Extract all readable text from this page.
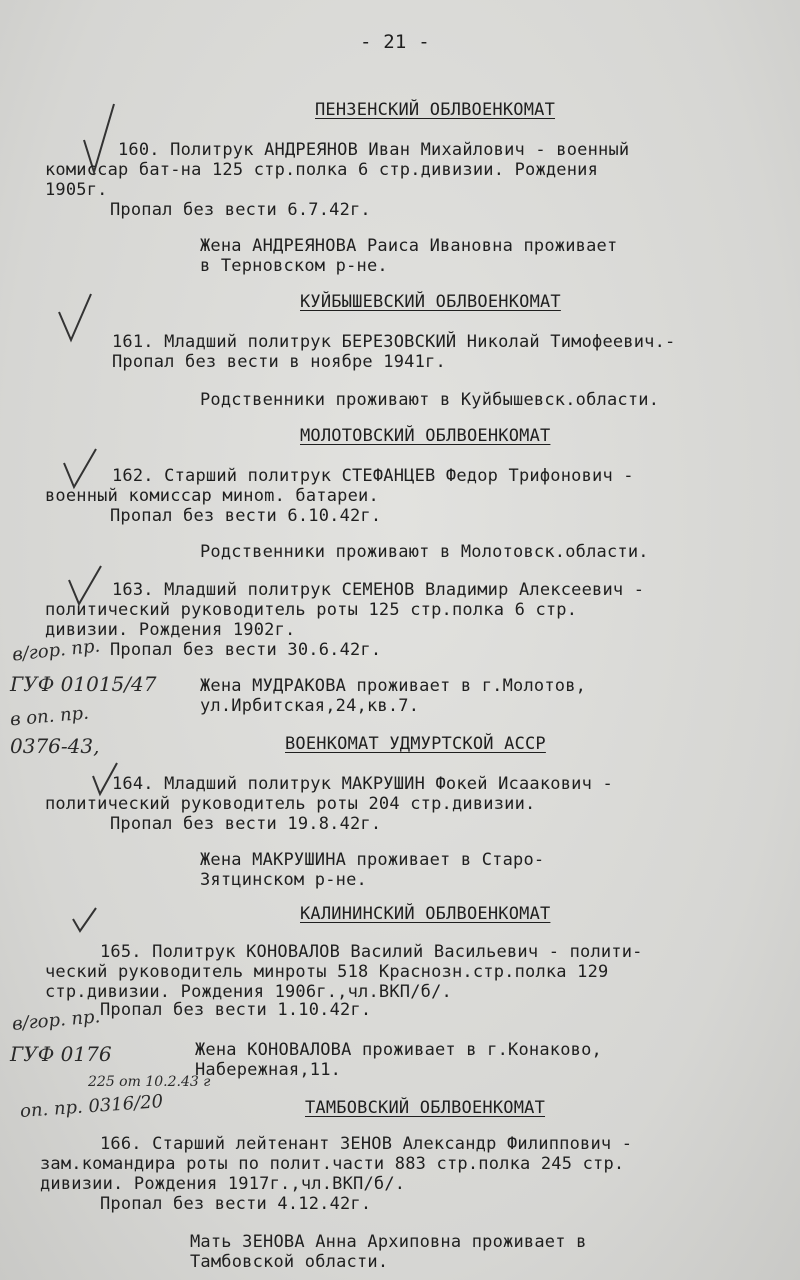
- 21 -
ПЕНЗЕНСКИЙ ОБЛВОЕНКОМАТ
160. Политрук АНДРЕЯНОВ Иван Михайлович - военный
комиссар бат-на 125 стр.полка 6 стр.дивизии. Рождения
1905г.
Пропал без вести 6.7.42г.
Жена АНДРЕЯНОВА Раиса Ивановна проживает
в Терновском р-не.
КУЙБЫШЕВСКИЙ ОБЛВОЕНКОМАТ
161. Младший политрук БЕРЕЗОВСКИЙ Николай Тимофеевич.-
Пропал без вести в ноябре 1941г.
Родственники проживают в Куйбышевск.области.
МОЛОТОВСКИЙ ОБЛВОЕНКОМАТ
162. Старший политрук СТЕФАНЦЕВ Федор Трифонович -
военный комиссар миноm. батареи.
Пропал без вести 6.10.42г.
Родственники проживают в Молотовск.области.
163. Младший политрук СЕМЕНОВ Владимир Алексеевич -
политический руководитель роты 125 стр.полка 6 стр.
дивизии. Рождения 1902г.
Пропал без вести 30.6.42г.
Жена МУДРАКОВА проживает в г.Молотов,
ул.Ирбитская,24,кв.7.
в/гор. пр.
ГУФ 01015/47
в оп. пр.
0376-43,	ВОЕНКОМАТ УДМУРТСКОЙ АССР
164. Младший политрук МАКРУШИН Фокей Исаакович -
политический руководитель роты 204 стр.дивизии.
Пропал без вести 19.8.42г.
Жена МАКРУШИНА проживает в Старо-
Зятцинском р-не.
КАЛИНИНСКИЙ ОБЛВОЕНКОМАТ
165. Политрук КОНОВАЛОВ Василий Васильевич - полити-
ческий руководитель минроты 518 Краснозн.стр.полка 129
стр.дивизии. Рождения 1906г.,чл.ВКП/б/.
Пропал без вести 1.10.42г.
Жена КОНОВАЛОВА проживает в г.Конаково,
Набережная,11.
в/гор. пр.
ГУФ 0176
225 от 10.2.43 г
оп. пр. 0316/20	ТАМБОВСКИЙ ОБЛВОЕНКОМАТ
166. Старший лейтенант ЗЕНОВ Александр Филиппович -
зам.командира роты по полит.части 883 стр.полка 245 стр.
дивизии. Рождения 1917г.,чл.ВКП/б/.
Пропал без вести 4.12.42г.
Мать ЗЕНОВА Анна Архиповна проживает в
Тамбовской области.
